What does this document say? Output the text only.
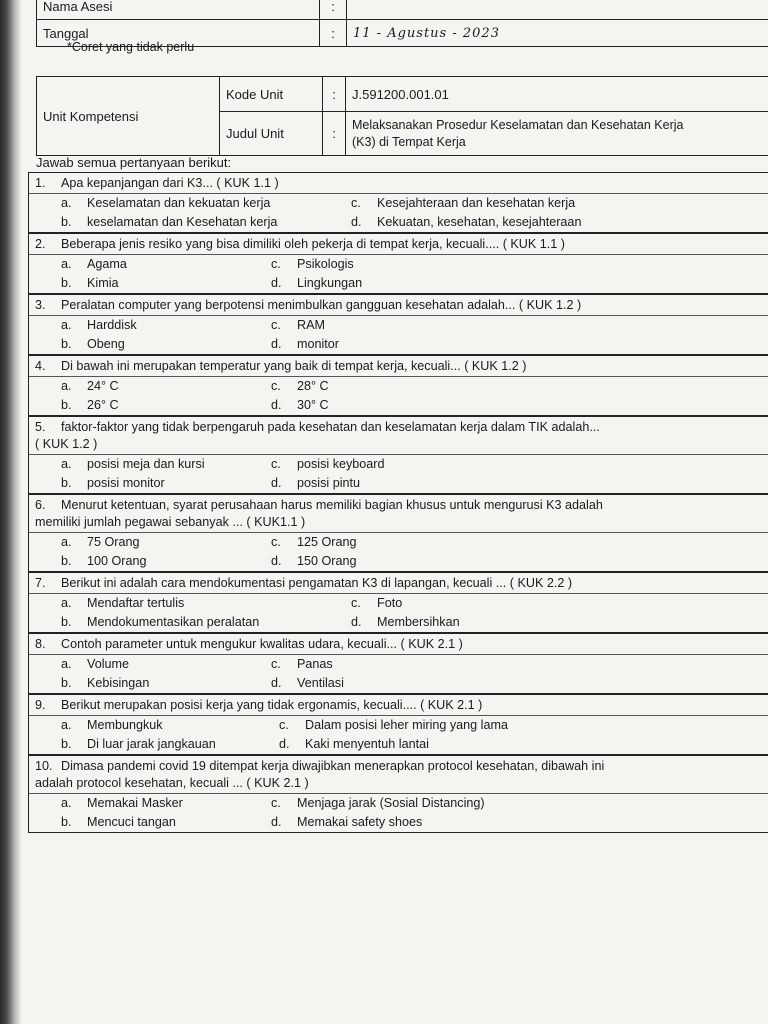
Nama Asesi	:	
Tanggal	:	11 - Agustus - 2023
*Coret yang tidak perlu
Unit Kompetensi	Kode Unit	:	J.591200.001.01
	Judul Unit	:	Melaksanakan Prosedur Keselamatan dan Kesehatan Kerja
(K3) di Tempat Kerja
Jawab semua pertanyaan berikut:
1. Apa kepanjangan dari K3... ( KUK 1.1 )
a.	Keselamatan dan kekuatan kerja	c.	Kesejahteraan dan kesehatan kerja
b.	keselamatan dan Kesehatan kerja	d.	Kekuatan, kesehatan, kesejahteraan
2. Beberapa jenis resiko yang bisa dimiliki oleh pekerja di tempat kerja, kecuali.... ( KUK 1.1 )
a.	Agama	c.	Psikologis
b.	Kimia	d.	Lingkungan
3. Peralatan computer yang berpotensi menimbulkan gangguan kesehatan adalah... ( KUK 1.2 )
a.	Harddisk	c.	RAM
b.	Obeng	d.	monitor
4. Di bawah ini merupakan temperatur yang baik di tempat kerja, kecuali... ( KUK 1.2 )
a.	24° C	c.	28° C
b.	26° C	d.	30° C
5. faktor-faktor yang tidak berpengaruh pada kesehatan dan keselamatan kerja dalam TIK adalah...
( KUK 1.2 )
a.	posisi meja dan kursi	c.	posisi keyboard
b.	posisi monitor	d.	posisi pintu
6. Menurut ketentuan, syarat perusahaan harus memiliki bagian khusus untuk mengurusi K3 adalah
memiliki jumlah pegawai sebanyak ... ( KUK1.1 )
a.	75 Orang	c.	125 Orang
b.	100 Orang	d.	150 Orang
7. Berikut ini adalah cara mendokumentasi pengamatan K3 di lapangan, kecuali ... ( KUK 2.2 )
a.	Mendaftar tertulis	c.	Foto
b.	Mendokumentasikan peralatan	d.	Membersihkan
8. Contoh parameter untuk mengukur kwalitas udara, kecuali... ( KUK 2.1 )
a.	Volume	c.	Panas
b.	Kebisingan	d.	Ventilasi
9. Berikut merupakan posisi kerja yang tidak ergonamis, kecuali.... ( KUK 2.1 )
a.	Membungkuk	c.	Dalam posisi leher miring yang lama
b.	Di luar jarak jangkauan	d.	Kaki menyentuh lantai
10. Dimasa pandemi covid 19 ditempat kerja diwajibkan menerapkan protocol kesehatan, dibawah ini
adalah protocol kesehatan, kecuali ... ( KUK 2.1 )
a.	Memakai Masker	c.	Menjaga jarak (Sosial Distancing)
b.	Mencuci tangan	d.	Memakai safety shoes
